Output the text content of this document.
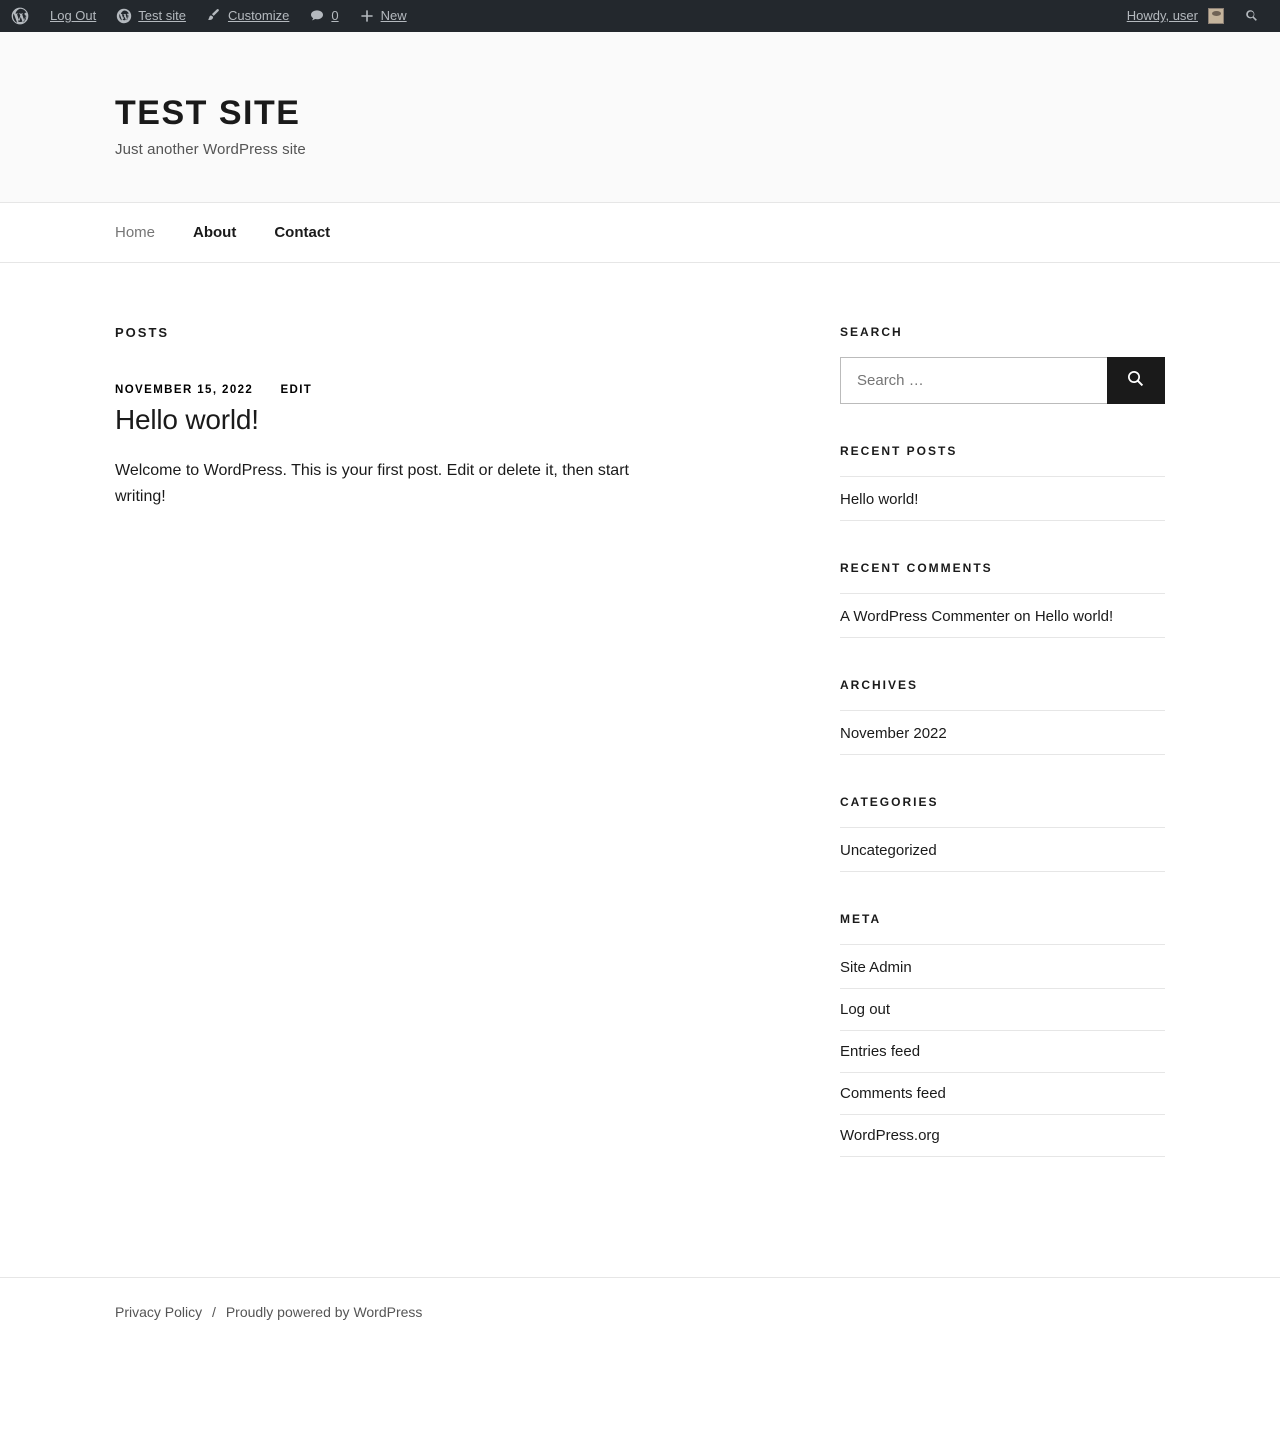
Log Out	Test site	Customize	0	New	Howdy, user
TEST SITE

Just another WordPress site

Home	About	Contact
POSTS
NOVEMBER 15, 2022 EDIT
Hello world!

Welcome to WordPress. This is your first post. Edit or delete it, then start writing!

SEARCH
Search …
RECENT POSTS
Hello world!
RECENT COMMENTS
A WordPress Commenter on Hello world!
ARCHIVES
November 2022
CATEGORIES
Uncategorized
META
Site Admin
Log out
Entries feed
Comments feed
WordPress.org
Privacy Policy / Proudly powered by WordPress
